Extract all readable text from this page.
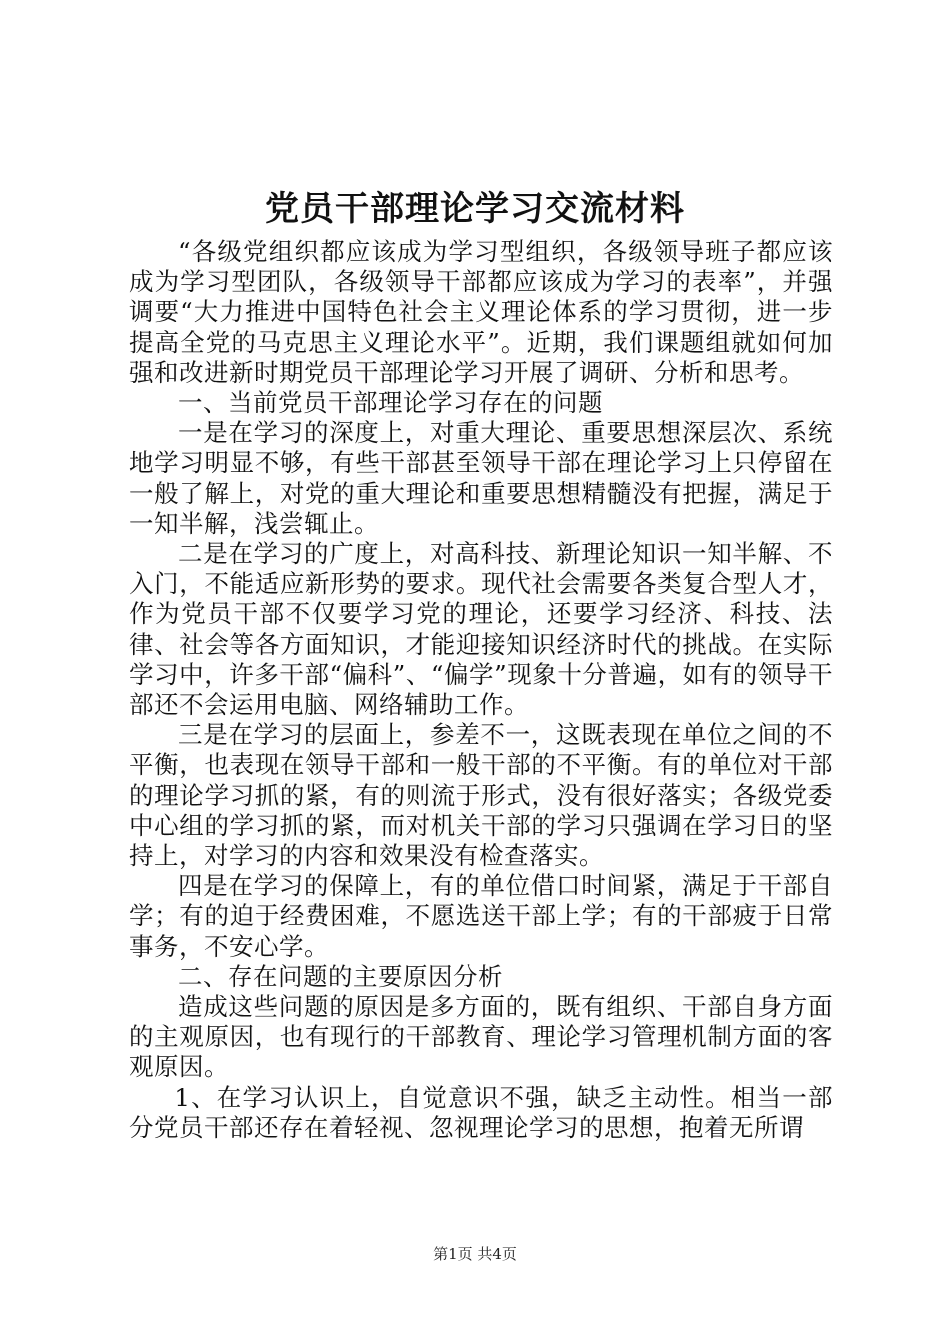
党员干部理论学习交流材料

“各级党组织都应该成为学习型组织，各级领导班子都应该成为学习型团队，各级领导干部都应该成为学习的表率”，并强调要“大力推进中国特色社会主义理论体系的学习贯彻，进一步提高全党的马克思主义理论水平”。近期，我们课题组就如何加强和改进新时期党员干部理论学习开展了调研、分析和思考。

一、当前党员干部理论学习存在的问题

一是在学习的深度上，对重大理论、重要思想深层次、系统地学习明显不够，有些干部甚至领导干部在理论学习上只停留在一般了解上，对党的重大理论和重要思想精髓没有把握，满足于一知半解，浅尝辄止。

二是在学习的广度上，对高科技、新理论知识一知半解、不入门，不能适应新形势的要求。现代社会需要各类复合型人才，作为党员干部不仅要学习党的理论，还要学习经济、科技、法律、社会等各方面知识，才能迎接知识经济时代的挑战。在实际学习中，许多干部“偏科”、“偏学”现象十分普遍，如有的领导干部还不会运用电脑、网络辅助工作。

三是在学习的层面上，参差不一，这既表现在单位之间的不平衡，也表现在领导干部和一般干部的不平衡。有的单位对干部的理论学习抓的紧，有的则流于形式，没有很好落实；各级党委中心组的学习抓的紧，而对机关干部的学习只强调在学习日的坚持上，对学习的内容和效果没有检查落实。

四是在学习的保障上，有的单位借口时间紧，满足于干部自学；有的迫于经费困难，不愿选送干部上学；有的干部疲于日常事务，不安心学。

二、存在问题的主要原因分析

造成这些问题的原因是多方面的，既有组织、干部自身方面的主观原因，也有现行的干部教育、理论学习管理机制方面的客观原因。

1、在学习认识上，自觉意识不强，缺乏主动性。相当一部分党员干部还存在着轻视、忽视理论学习的思想，抱着无所谓

第1页 共4页
